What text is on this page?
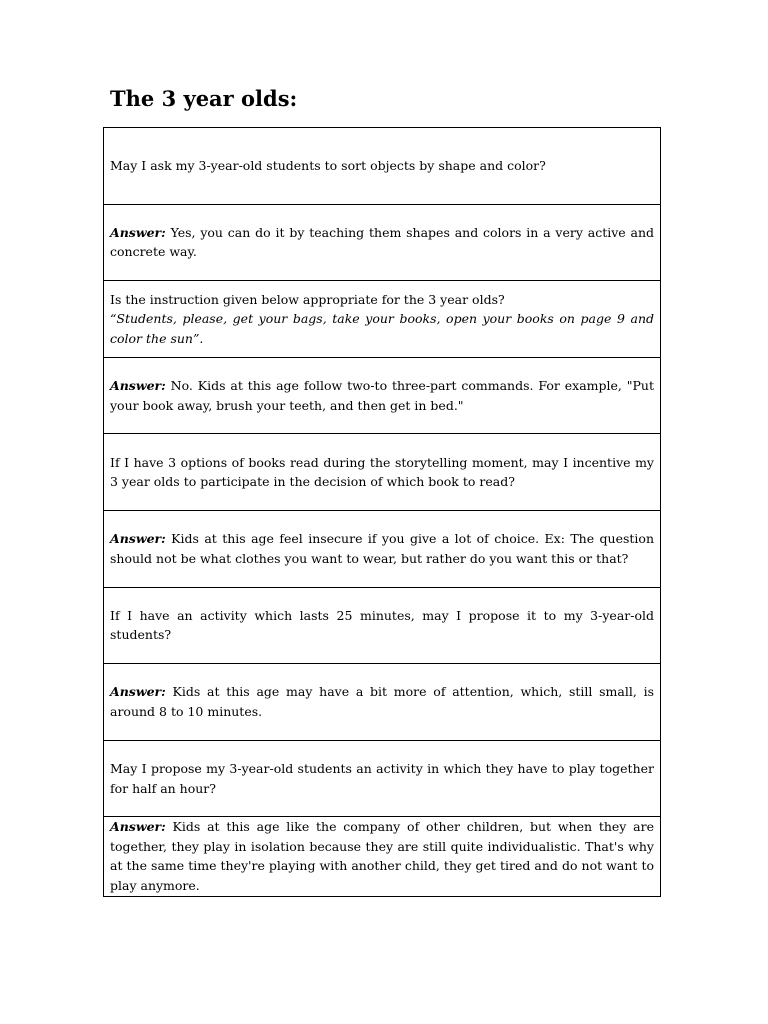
The 3 year olds:

May I ask my 3-year-old students to sort objects by shape and color?

Answer: Yes, you can do it by teaching them shapes and colors in a very active and concrete way.

Is the instruction given below appropriate for the 3 year olds?

“Students, please, get your bags, take your books, open your books on page 9 and color the sun”.

Answer: No. Kids at this age follow two-to three-part commands. For example, "Put your book away, brush your teeth, and then get in bed."

If I have 3 options of books read during the storytelling moment, may I incentive my 3 year olds to participate in the decision of which book to read?

Answer: Kids at this age feel insecure if you give a lot of choice. Ex: The question should not be what clothes you want to wear, but rather do you want this or that?

If I have an activity which lasts 25 minutes, may I propose it to my 3-year-old students?

Answer: Kids at this age may have a bit more of attention, which, still small, is around 8 to 10 minutes.

May I propose my 3-year-old students an activity in which they have to play together for half an hour?

Answer: Kids at this age like the company of other children, but when they are together, they play in isolation because they are still quite individualistic. That's why at the same time they're playing with another child, they get tired and do not want to play anymore.
